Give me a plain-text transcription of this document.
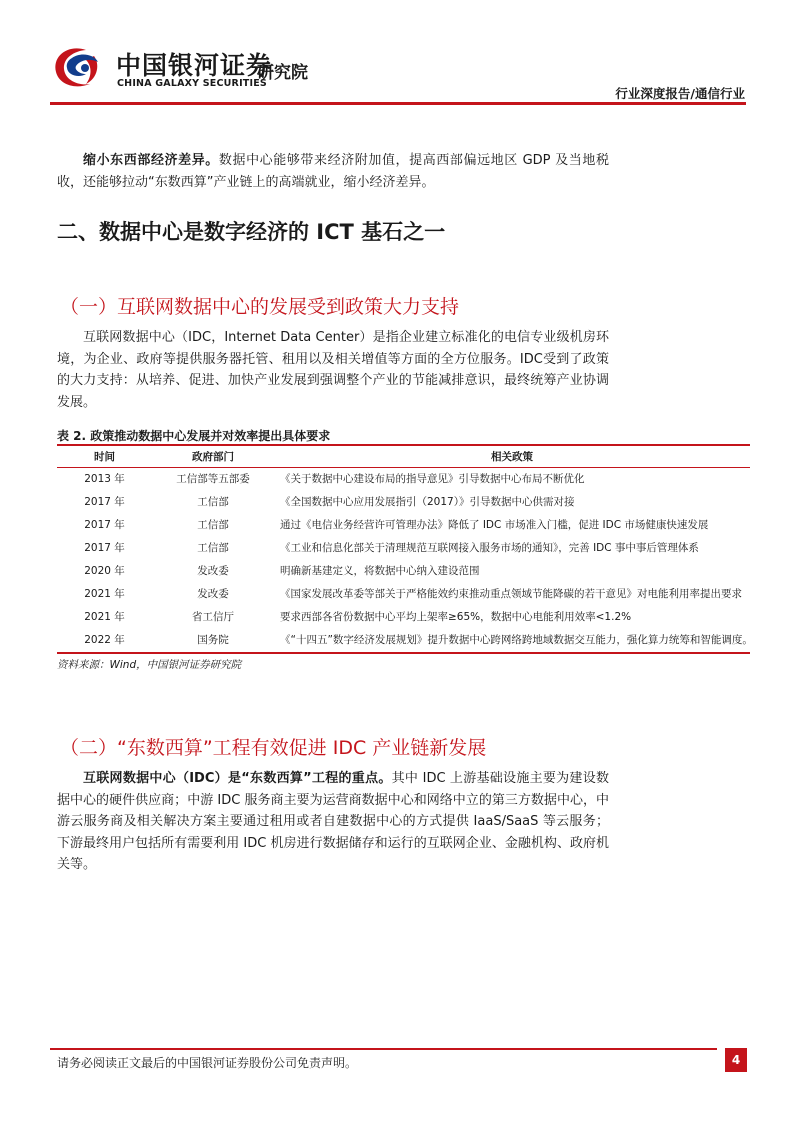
中国银河证券
CHINA GALAXY SECURITIES
研究院
行业深度报告/通信行业
缩小东西部经济差异。数据中心能够带来经济附加值，提高西部偏远地区 GDP 及当地税收，还能够拉动“东数西算”产业链上的高端就业，缩小经济差异。
二、数据中心是数字经济的 ICT 基石之一
（一）互联网数据中心的发展受到政策大力支持
互联网数据中心（IDC，Internet Data Center）是指企业建立标准化的电信专业级机房环境，为企业、政府等提供服务器托管、租用以及相关增值等方面的全方位服务。IDC受到了政策的大力支持：从培养、促进、加快产业发展到强调整个产业的节能减排意识，最终统筹产业协调发展。
表 2. 政策推动数据中心发展并对效率提出具体要求
时间	政府部门	相关政策
2013 年	工信部等五部委	《关于数据中心建设布局的指导意见》引导数据中心布局不断优化
2017 年	工信部	《全国数据中心应用发展指引（2017）》引导数据中心供需对接
2017 年	工信部	通过《电信业务经营许可管理办法》降低了 IDC 市场准入门槛，促进 IDC 市场健康快速发展
2017 年	工信部	《工业和信息化部关于清理规范互联网接入服务市场的通知》，完善 IDC 事中事后管理体系
2020 年	发改委	明确新基建定义，将数据中心纳入建设范围
2021 年	发改委	《国家发展改革委等部关于严格能效约束推动重点领域节能降碳的若干意见》对电能利用率提出要求
2021 年	省工信厅	要求西部各省份数据中心平均上架率≥65%，数据中心电能利用效率<1.2%
2022 年	国务院	《“十四五”数字经济发展规划》提升数据中心跨网络跨地域数据交互能力，强化算力统筹和智能调度。
资料来源：Wind，中国银河证券研究院
（二）“东数西算”工程有效促进 IDC 产业链新发展
互联网数据中心（IDC）是“东数西算”工程的重点。其中 IDC 上游基础设施主要为建设数据中心的硬件供应商；中游 IDC 服务商主要为运营商数据中心和网络中立的第三方数据中心，中游云服务商及相关解决方案主要通过租用或者自建数据中心的方式提供 IaaS/SaaS 等云服务；下游最终用户包括所有需要利用 IDC 机房进行数据储存和运行的互联网企业、金融机构、政府机关等。
请务必阅读正文最后的中国银河证券股份公司免责声明。	4
